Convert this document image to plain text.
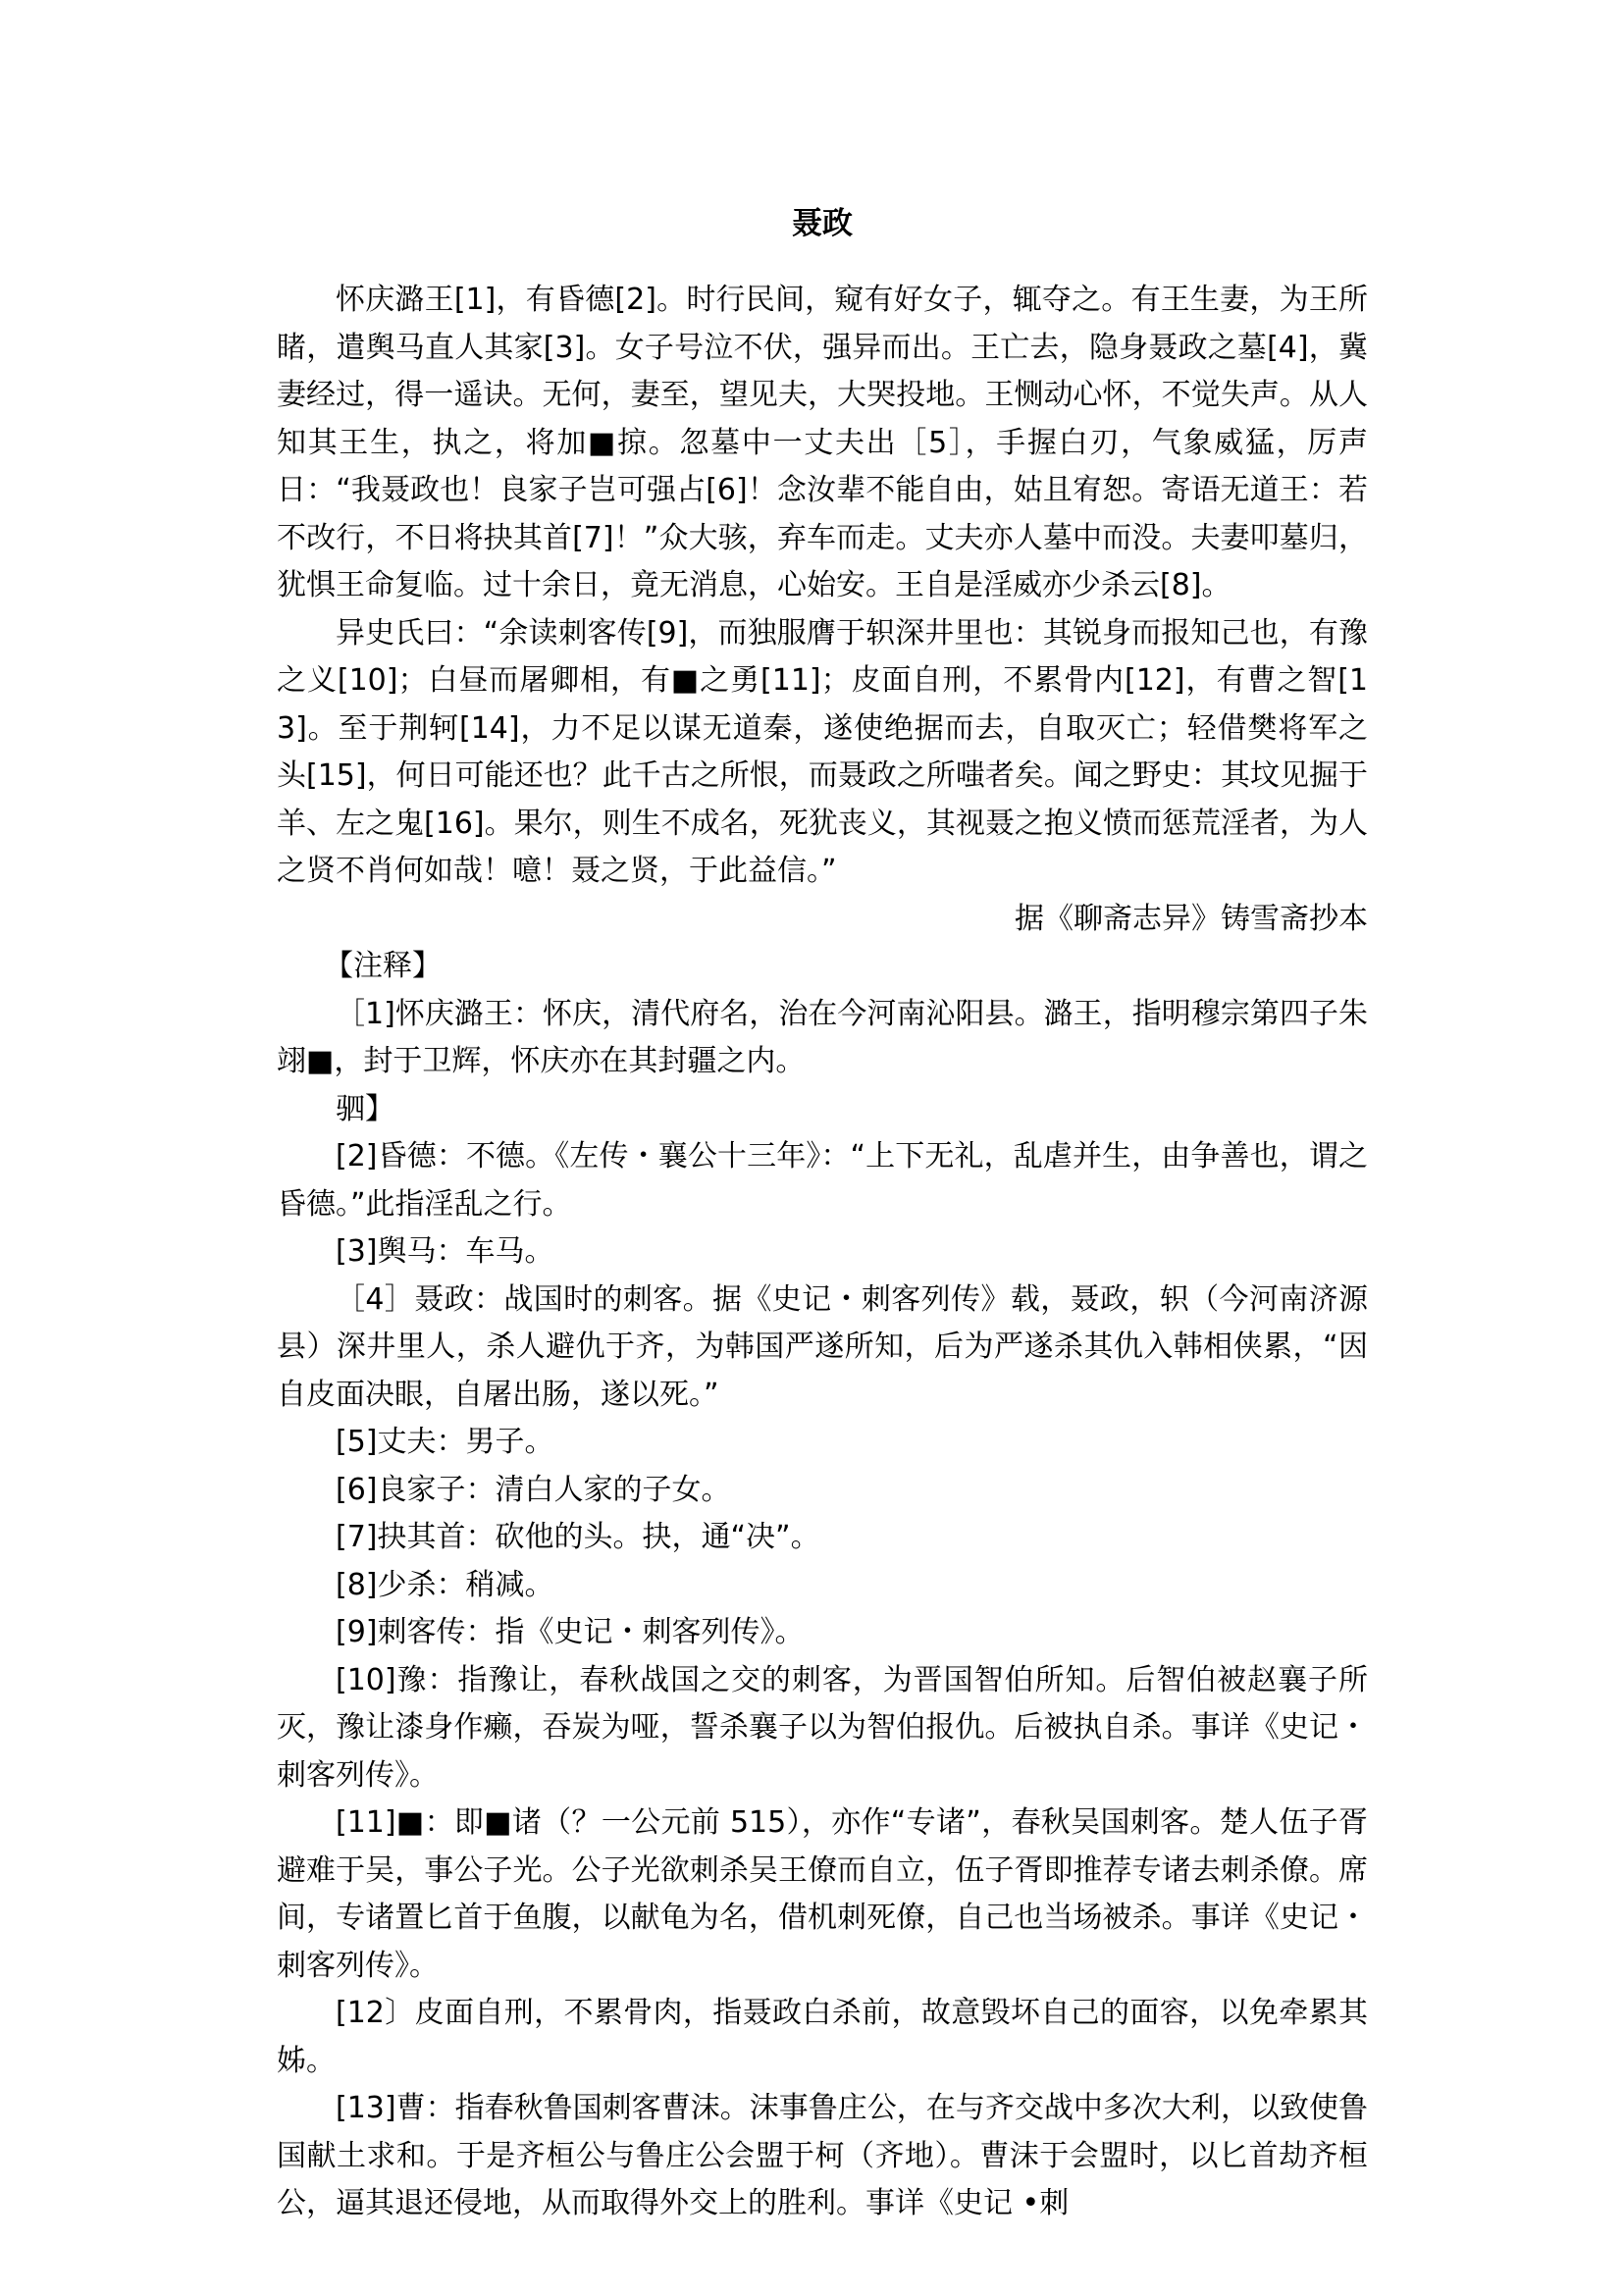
聂政

怀庆潞王[1]，有昏德[2]。时行民间，窥有好女子，辄夺之。有王生妻，为王所睹，遣舆马直人其家[3]。女子号泣不伏，强异而出。王亡去，隐身聂政之墓[4]，冀妻经过，得一遥诀。无何，妻至，望见夫，大哭投地。王恻动心怀，不觉失声。从人知其王生，执之，将加■掠。忽墓中一丈夫出［5］，手握白刃，气象威猛，厉声日：“我聂政也！良家子岂可强占[6]！念汝辈不能自由，姑且宥恕。寄语无道王：若不改行，不日将抉其首[7]！”众大骇，弃车而走。丈夫亦人墓中而没。夫妻叩墓归，犹惧王命复临。过十余日，竟无消息，心始安。王自是淫威亦少杀云[8]。

异史氏曰：“余读刺客传[9]，而独服膺于轵深井里也：其锐身而报知己也，有豫之义[10]；白昼而屠卿相，有■之勇[11]；皮面自刑，不累骨内[12]，有曹之智[13]。至于荆轲[14]，力不足以谋无道秦，遂使绝据而去，自取灭亡；轻借樊将军之头[15]，何日可能还也？此千古之所恨，而聂政之所嗤者矣。闻之野史：其坟见掘于羊、左之鬼[16]。果尔，则生不成名，死犹丧义，其视聂之抱义愤而惩荒淫者，为人之贤不肖何如哉！噫！聂之贤，于此益信。”

据《聊斋志异》铸雪斋抄本

【注释】

［1]怀庆潞王：怀庆，清代府名，治在今河南沁阳县。潞王，指明穆宗第四子朱翊■，封于卫辉，怀庆亦在其封疆之内。

驷】

[2]昏德：不德。《左传・襄公十三年》：“上下无礼，乱虐并生，由争善也，谓之昏德。”此指淫乱之行。

[3]舆马：车马。

［4］聂政：战国时的刺客。据《史记・刺客列传》载，聂政，轵（今河南济源县）深井里人，杀人避仇于齐，为韩国严遂所知，后为严遂杀其仇入韩相侠累，“因自皮面决眼，自屠出肠，遂以死。”

[5]丈夫：男子。

[6]良家子：清白人家的子女。

[7]抉其首：砍他的头。抉，通“决”。

[8]少杀：稍减。

[9]刺客传：指《史记・刺客列传》。

[10]豫：指豫让，春秋战国之交的刺客，为晋国智伯所知。后智伯被赵襄子所灭，豫让漆身作癞，吞炭为哑，誓杀襄子以为智伯报仇。后被执自杀。事详《史记・刺客列传》。

[11]■：即■诸（？一公元前 515），亦作“专诸”，春秋吴国刺客。楚人伍子胥避难于吴，事公子光。公子光欲刺杀吴王僚而自立，伍子胥即推荐专诸去刺杀僚。席间，专诸置匕首于鱼腹，以献龟为名，借机刺死僚，自己也当场被杀。事详《史记・刺客列传》。

[12〕皮面自刑，不累骨肉，指聂政白杀前，故意毁坏自己的面容，以免牵累其姊。

[13]曹：指春秋鲁国刺客曹沫。沫事鲁庄公，在与齐交战中多次大利，以致使鲁国献土求和。于是齐桓公与鲁庄公会盟于柯（齐地）。曹沫于会盟时，以匕首劫齐桓公，逼其退还侵地，从而取得外交上的胜利。事详《史记 •刺
